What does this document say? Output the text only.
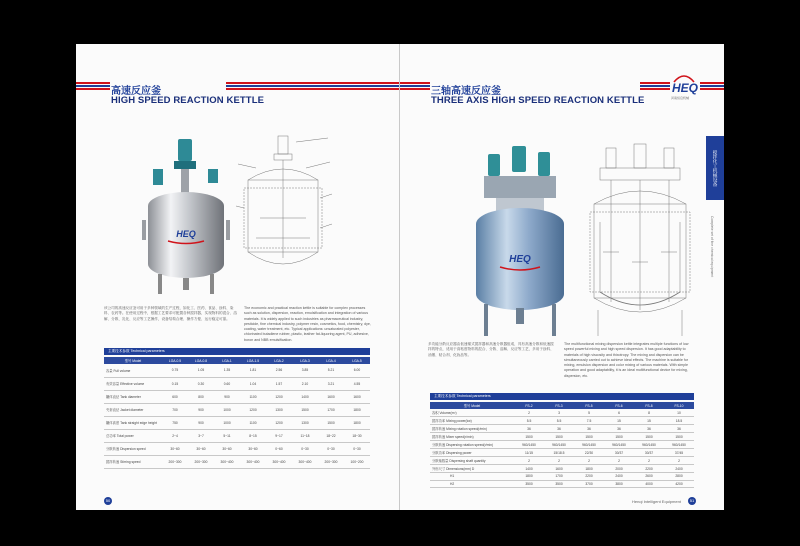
高速反应釜
HIGH SPEED REACTION KETTLE
HEQ
该公司的高速反应釜可用于多种领域的生产过程，如化工、医药、食品、涂料、染料、农药等。在使用过程中，根据工艺要求可配置各种搅拌器，实现物料的混合、溶解、分散、乳化、反应等工艺操作，设备结构合理、操作方便、运行稳定可靠。
The economic and practical reaction kettle is suitable for complex processes such as solution, dispersion, reaction, emulsification and integration of various materials. It is widely applied to such industries as pharmaceutical industry, pesticide, fine chemical industry, polymer resin, cosmetics, food, chemistry, dye, coating, water treatment, etc. Typical applications: unsaturated polyester, chlorinated butadiene rubber, plastic, leather fat-liquoring agent, PU, adhesive, boron and NBB emulsification.
主要技术参数 Technical parameters
型号 Model	LGA-0.5	LGA-0.8	LGA-1	LGA-1.5	LGA-2	LGA-3	LGA-4	LGA-5
容量 Full volume	0.75	1.05	1.35	1.81	2.56	3.85	5.21	6.00
有效容量 Effective volume	0.15	0.30	0.60	1.04	1.57	2.10	3.21	4.55
罐体直径 Tank diameter	600	800	900	1100	1200	1400	1600	1600
夹套直径 Jacket diameter	700	900	1000	1200	1300	1500	1700	1800
罐体高度 Tank straight edge height	750	900	1000	1100	1200	1300	1500	1800
总功率 Total power	2~4	3~7	5~11	8~15	9~17	11~18	18~22	18~30
分散转速 Dispersion speed	30~60	30~60	30~60	30~60	0~60	0~30	0~30	0~30
搅拌转速 Stirring speed	200~300	200~300	300~400	300~400	300~400	300~400	200~300	100~200
50
三轴高速反应釜
THREE AXIS HIGH SPEED REACTION KETTLE
HEQ
河南恒启机械
HEQ
多功能分散反应器由低速锚式搅拌器和高速分散器组成，具有高速分散和低速搅拌的特点，适用于高粘度物料的混合、分散、溶解、反应等工艺，多用于涂料、油墨、粘合剂、化妆品等。
The multifunctional mixing dispersion kettle integrates multiple functions of low speed powerful mixing and high speed dispersion. It has good adaptability to materials of high viscosity and thixotropy. The mixing and dispersion can be simultaneously carried out to achieve ideal effects. The machine is suitable for mixing, emulsion dispersion and color mixing of various materials. With simple operation and good adaptability, it is an ideal multifunctional device for mixing, dispersion, etc.
主要技术参数 Technical parameters
型号 Model	FS-2	FS-3	FS-5	FS-6	FS-8	FS-10
容积 Volume(m³)	2	3	5	6	8	10
搅拌功率 Mixing power(kw)	5.5	5.5	7.5	15	15	18.5
搅拌转速 Mixing rotation speed(r/min)	36	36	36	36	36	36
搅拌转速 Mixer speed(r/min)	1500	1500	1500	1500	1500	1500
分散转速 Dispersing rotation speed(r/min)	960/1450	960/1450	960/1450	960/1450	960/1450	960/1450
分散功率 Dispersing power	11/15	15/18.5	22/30	30/37	30/37	37/45
分散轴数量 Dispersing shaft quantity	2	2	2	2	2	2
外形尺寸 Dimensions(mm) D	1400	1600	1800	2000	2200	2400
H1	1800	1700	2200	2400	2600	2800
H2	3500	3500	3700	3800	4000	4200
搅拌化工机械设备
Complete set of fine chemical equipment
Henqi Intelligent Equipment	51
